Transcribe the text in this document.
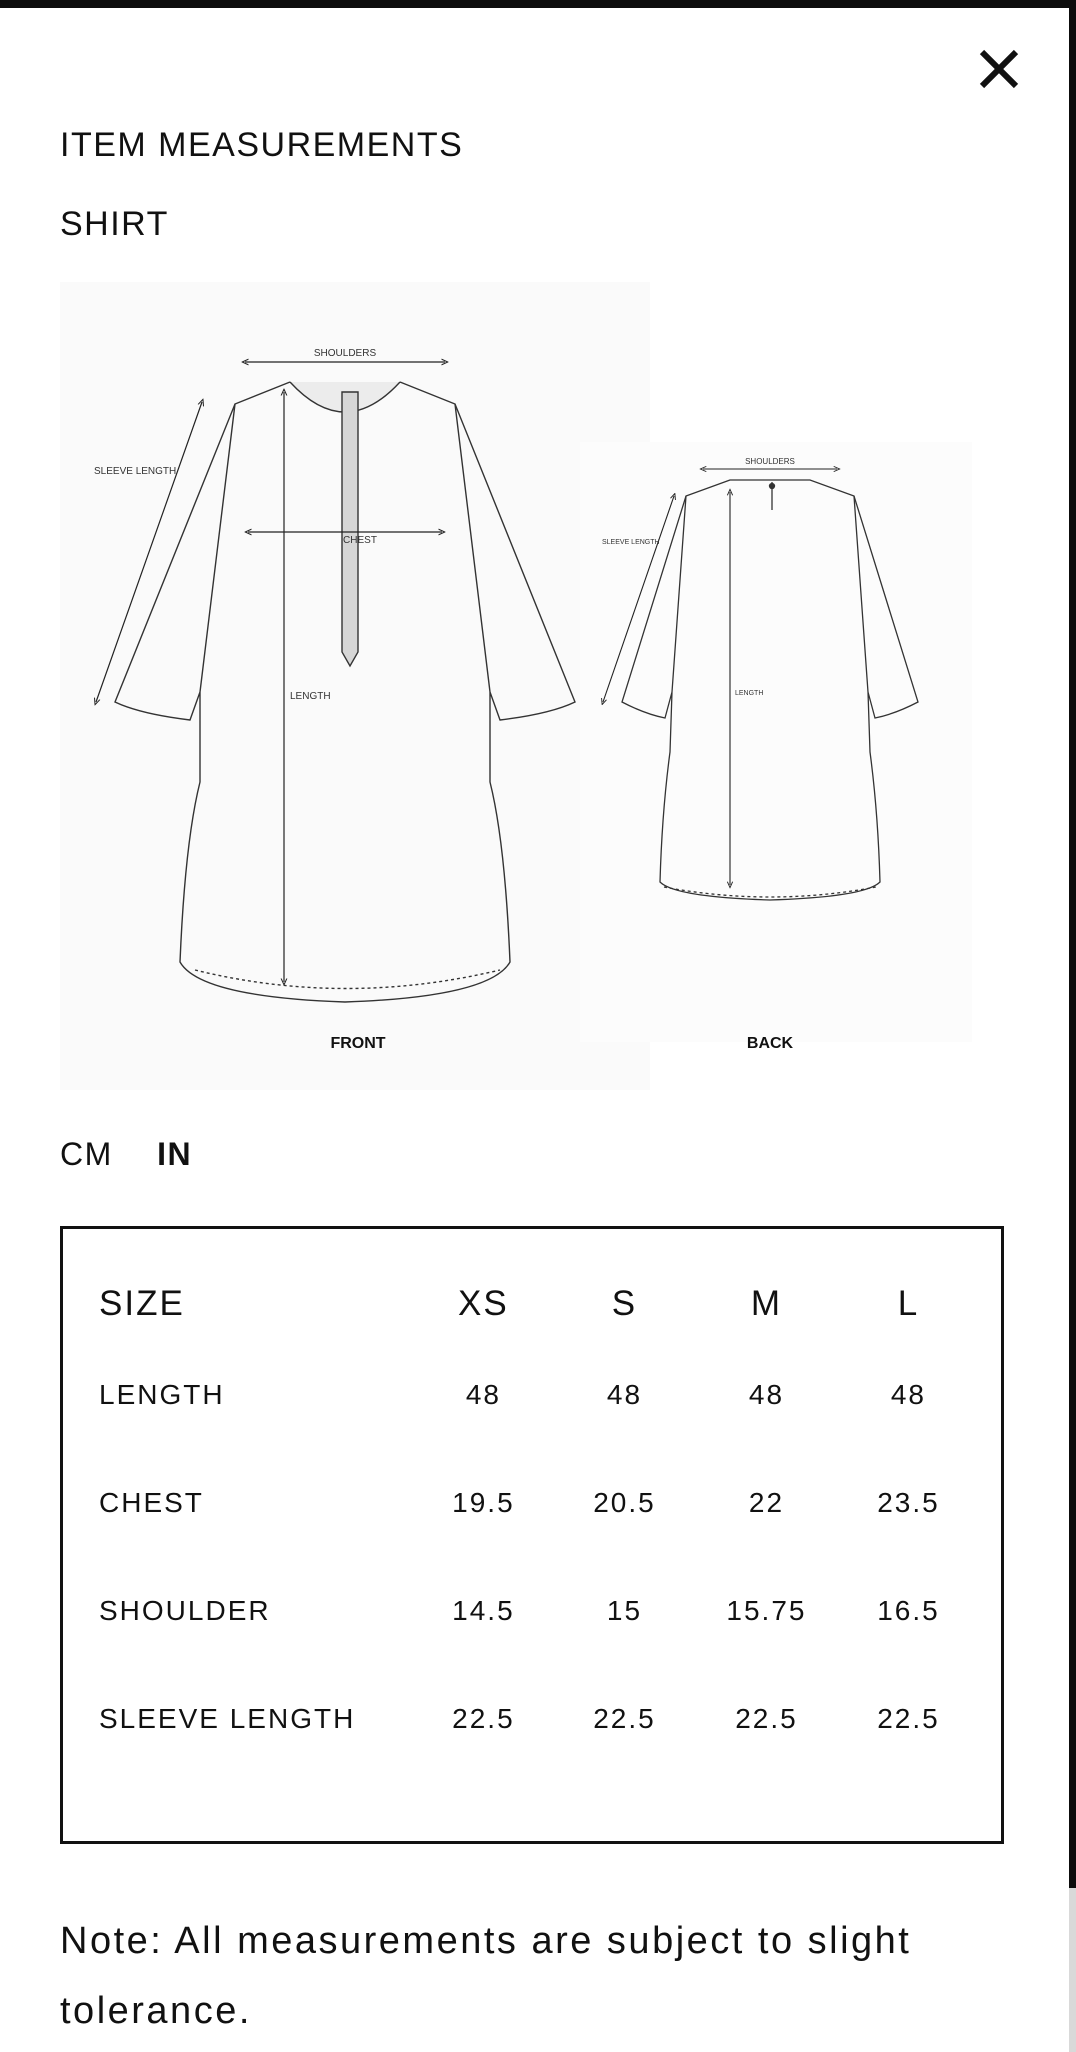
ITEM MEASUREMENTS
SHIRT
SHOULDERS
SLEEVE LENGTH
CHEST
LENGTH
FRONT
SHOULDERS
SLEEVE LENGTH
LENGTH
BACK
CM IN
SIZE	XS	S	M	L
LENGTH	48	48	48	48
CHEST	19.5	20.5	22	23.5
SHOULDER	14.5	15	15.75	16.5
SLEEVE LENGTH	22.5	22.5	22.5	22.5
Note: All measurements are subject to slight tolerance.
